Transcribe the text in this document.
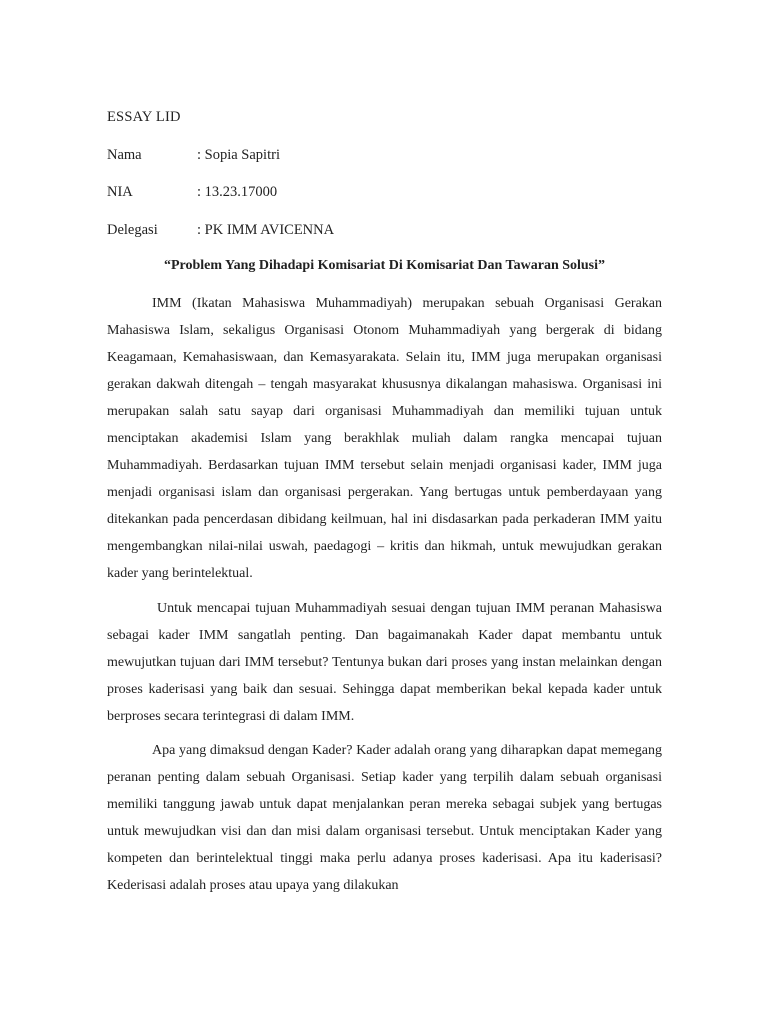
ESSAY LID
Nama	: Sopia Sapitri
NIA	: 13.23.17000
Delegasi	: PK IMM AVICENNA
“Problem Yang Dihadapi Komisariat Di Komisariat Dan Tawaran Solusi”

IMM (Ikatan Mahasiswa Muhammadiyah) merupakan sebuah Organisasi Gerakan Mahasiswa Islam, sekaligus Organisasi Otonom Muhammadiyah yang bergerak di bidang Keagamaan, Kemahasiswaan, dan Kemasyarakata. Selain itu, IMM juga merupakan organisasi gerakan dakwah ditengah – tengah masyarakat khususnya dikalangan mahasiswa. Organisasi ini merupakan salah satu sayap dari organisasi Muhammadiyah dan memiliki tujuan untuk menciptakan akademisi Islam yang berakhlak muliah dalam rangka mencapai tujuan Muhammadiyah. Berdasarkan tujuan IMM tersebut selain menjadi organisasi kader, IMM juga menjadi organisasi islam dan organisasi pergerakan. Yang bertugas untuk pemberdayaan yang ditekankan pada pencerdasan dibidang keilmuan, hal ini disdasarkan pada perkaderan IMM yaitu mengembangkan nilai-nilai uswah, paedagogi – kritis dan hikmah, untuk mewujudkan gerakan kader yang berintelektual.

Untuk mencapai tujuan Muhammadiyah sesuai dengan tujuan IMM peranan Mahasiswa sebagai kader IMM sangatlah penting. Dan bagaimanakah Kader dapat membantu untuk mewujutkan tujuan dari IMM tersebut? Tentunya bukan dari proses yang instan melainkan dengan proses kaderisasi yang baik dan sesuai. Sehingga dapat memberikan bekal kepada kader untuk berproses secara terintegrasi di dalam IMM.

Apa yang dimaksud dengan Kader? Kader adalah orang yang diharapkan dapat memegang peranan penting dalam sebuah Organisasi. Setiap kader yang terpilih dalam sebuah organisasi memiliki tanggung jawab untuk dapat menjalankan peran mereka sebagai subjek yang bertugas untuk mewujudkan visi dan dan misi dalam organisasi tersebut. Untuk menciptakan Kader yang kompeten dan berintelektual tinggi maka perlu adanya proses kaderisasi. Apa itu kaderisasi? Kederisasi adalah proses atau upaya yang dilakukan
